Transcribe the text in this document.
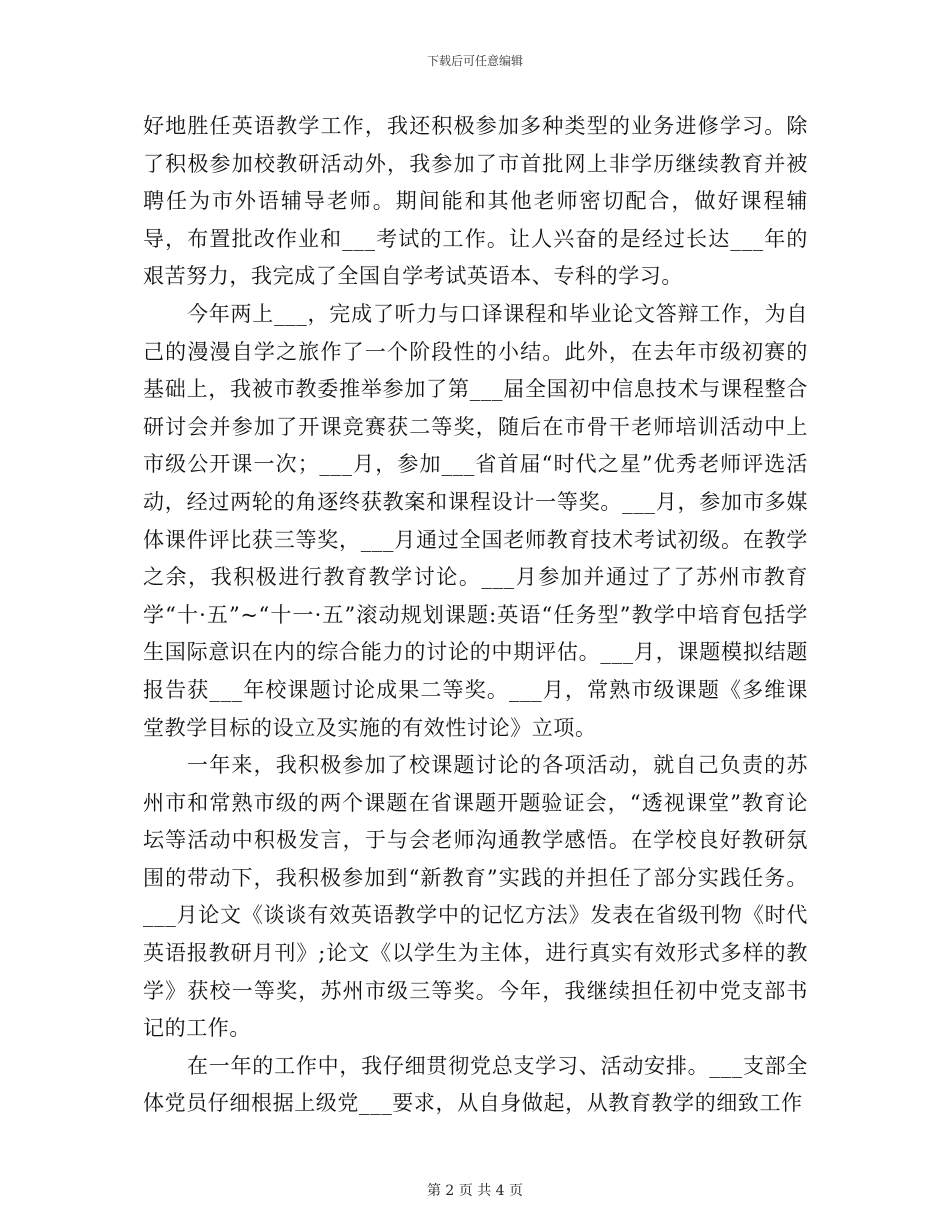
下载后可任意编辑

好地胜任英语教学工作，我还积极参加多种类型的业务进修学习。除了积极参加校教研活动外，我参加了市首批网上非学历继续教育并被聘任为市外语辅导老师。期间能和其他老师密切配合，做好课程辅导，布置批改作业和___考试的工作。让人兴奋的是经过长达___年的艰苦努力，我完成了全国自学考试英语本、专科的学习。

今年两上___，完成了听力与口译课程和毕业论文答辩工作，为自己的漫漫自学之旅作了一个阶段性的小结。此外，在去年市级初赛的基础上，我被市教委推举参加了第___届全国初中信息技术与课程整合研讨会并参加了开课竞赛获二等奖，随后在市骨干老师培训活动中上市级公开课一次；___月，参加___省首届“时代之星”优秀老师评选活动，经过两轮的角逐终获教案和课程设计一等奖。___月，参加市多媒体课件评比获三等奖，___月通过全国老师教育技术考试初级。在教学之余，我积极进行教育教学讨论。___月参加并通过了了苏州市教育学“十·五”~“十一·五”滚动规划课题:英语“任务型”教学中培育包括学生国际意识在内的综合能力的讨论的中期评估。___月，课题模拟结题报告获___年校课题讨论成果二等奖。___月，常熟市级课题《多维课堂教学目标的设立及实施的有效性讨论》立项。

一年来，我积极参加了校课题讨论的各项活动，就自己负责的苏州市和常熟市级的两个课题在省课题开题验证会，“透视课堂”教育论坛等活动中积极发言，于与会老师沟通教学感悟。在学校良好教研氛围的带动下，我积极参加到“新教育”实践的并担任了部分实践任务。___月论文《谈谈有效英语教学中的记忆方法》发表在省级刊物《时代英语报教研月刊》;论文《以学生为主体，进行真实有效形式多样的教学》获校一等奖，苏州市级三等奖。今年，我继续担任初中党支部书记的工作。

在一年的工作中，我仔细贯彻党总支学习、活动安排。___支部全体党员仔细根据上级党___要求，从自身做起，从教育教学的细致工作

第 2 页 共 4 页
